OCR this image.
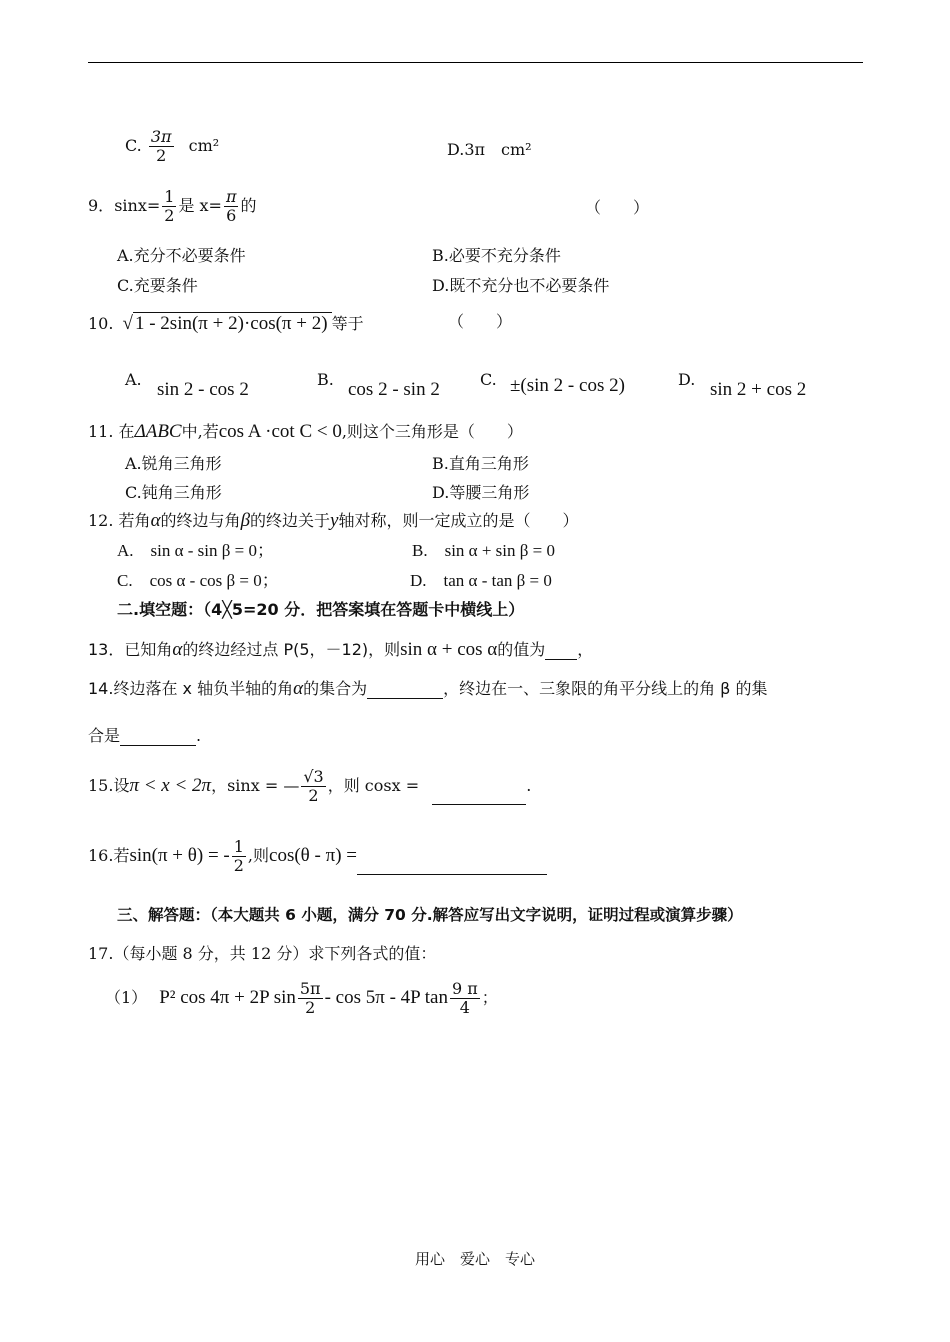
C. $\frac{3\pi}{2} cm^2$	D.3π　cm²
9．$\sin x= \frac{1}{2}$ 是 $x= \frac{\pi}{6}$ 的	（　　）
A.充分不必要条件	B.必要不充分条件
C.充要条件	D.既不充分也不必要条件
10. √ 1 - 2sin(π + 2)·cos(π + 2) 等于	（　　）
A. sin 2 - cos 2	B. cos 2 - sin 2	C. ±(sin 2 - cos 2)	D. sin 2 + cos 2
11. 在ΔABC中,若cos A ·cot C < 0,则这个三角形是（　　）
A.锐角三角形	B.直角三角形
C.钝角三角形	D.等腰三角形
12. 若角α的终边与角β的终边关于y轴对称，则一定成立的是（　　）
A.　sin α - sin β = 0；	B.　sin α + sin β = 0
C.　cos α - cos β = 0；	D.　tan α - tan β = 0
二.填空题：（4╳5=20 分．把答案填在答题卡中横线上）
13．已知角α的终边经过点 P(5，－12)，则sin α + cos α的值为 ，
14.终边落在 x 轴负半轴的角α的集合为	，终边在一、三象限的角平分线上的角 β 的集
合是	.
15.设π < x < 2π，sinx = — $\frac{√3}{2}$ ，则 cosx =	.
16.若sin(π + θ) = - $\frac{1}{2}$ ,则cos(θ - π) =
三、解答题：（本大题共 6 小题，满分 70 分.解答应写出文字说明，证明过程或演算步骤）
17.（每小题 8 分，共 12 分）求下列各式的值：
（1） P² cos 4π + 2P $\sin \frac{5\pi}{2}$ - cos 5π - 4P $\tan \frac{9 \pi}{4}$ ；
用心　爱心　专心
